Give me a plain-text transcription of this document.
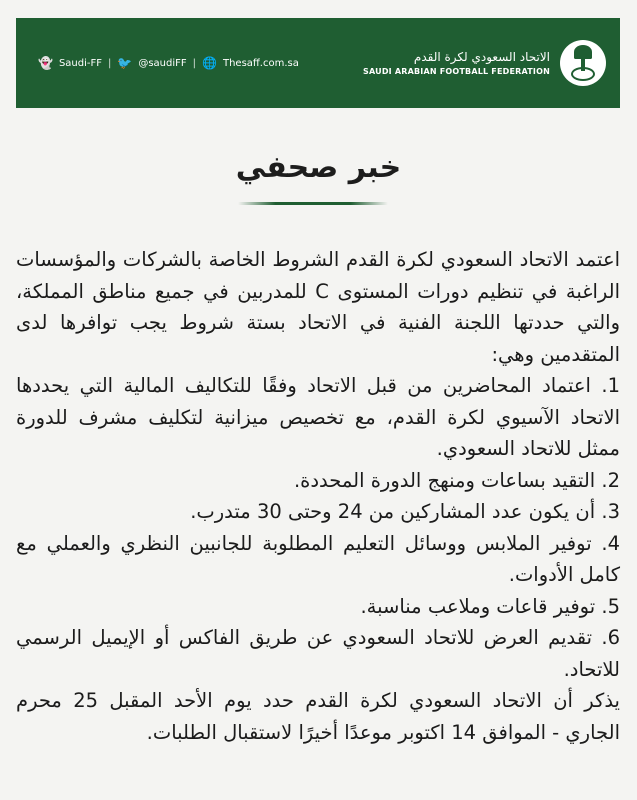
👻 Saudi-FF | 🐦 @saudiFF | 🌐 Thesaff.com.sa	الاتحاد السعودي لكرة القدم
SAUDI ARABIAN FOOTBALL FEDERATION
خبر صحفي

اعتمد الاتحاد السعودي لكرة القدم الشروط الخاصة بالشركات والمؤسسات الراغبة في تنظيم دورات المستوى C للمدربين في جميع مناطق المملكة، والتي حددتها اللجنة الفنية في الاتحاد بستة شروط يجب توافرها لدى المتقدمين وهي:

1. اعتماد المحاضرين من قبل الاتحاد وفقًا للتكاليف المالية التي يحددها الاتحاد الآسيوي لكرة القدم، مع تخصيص ميزانية لتكليف مشرف للدورة ممثل للاتحاد السعودي.

2. التقيد بساعات ومنهج الدورة المحددة.

3. أن يكون عدد المشاركين من 24 وحتى 30 متدرب.

4. توفير الملابس ووسائل التعليم المطلوبة للجانبين النظري والعملي مع كامل الأدوات.

5. توفير قاعات وملاعب مناسبة.

6. تقديم العرض للاتحاد السعودي عن طريق الفاكس أو الإيميل الرسمي للاتحاد.

يذكر أن الاتحاد السعودي لكرة القدم حدد يوم الأحد المقبل 25 محرم الجاري - الموافق 14 اكتوبر موعدًا أخيرًا لاستقبال الطلبات.
